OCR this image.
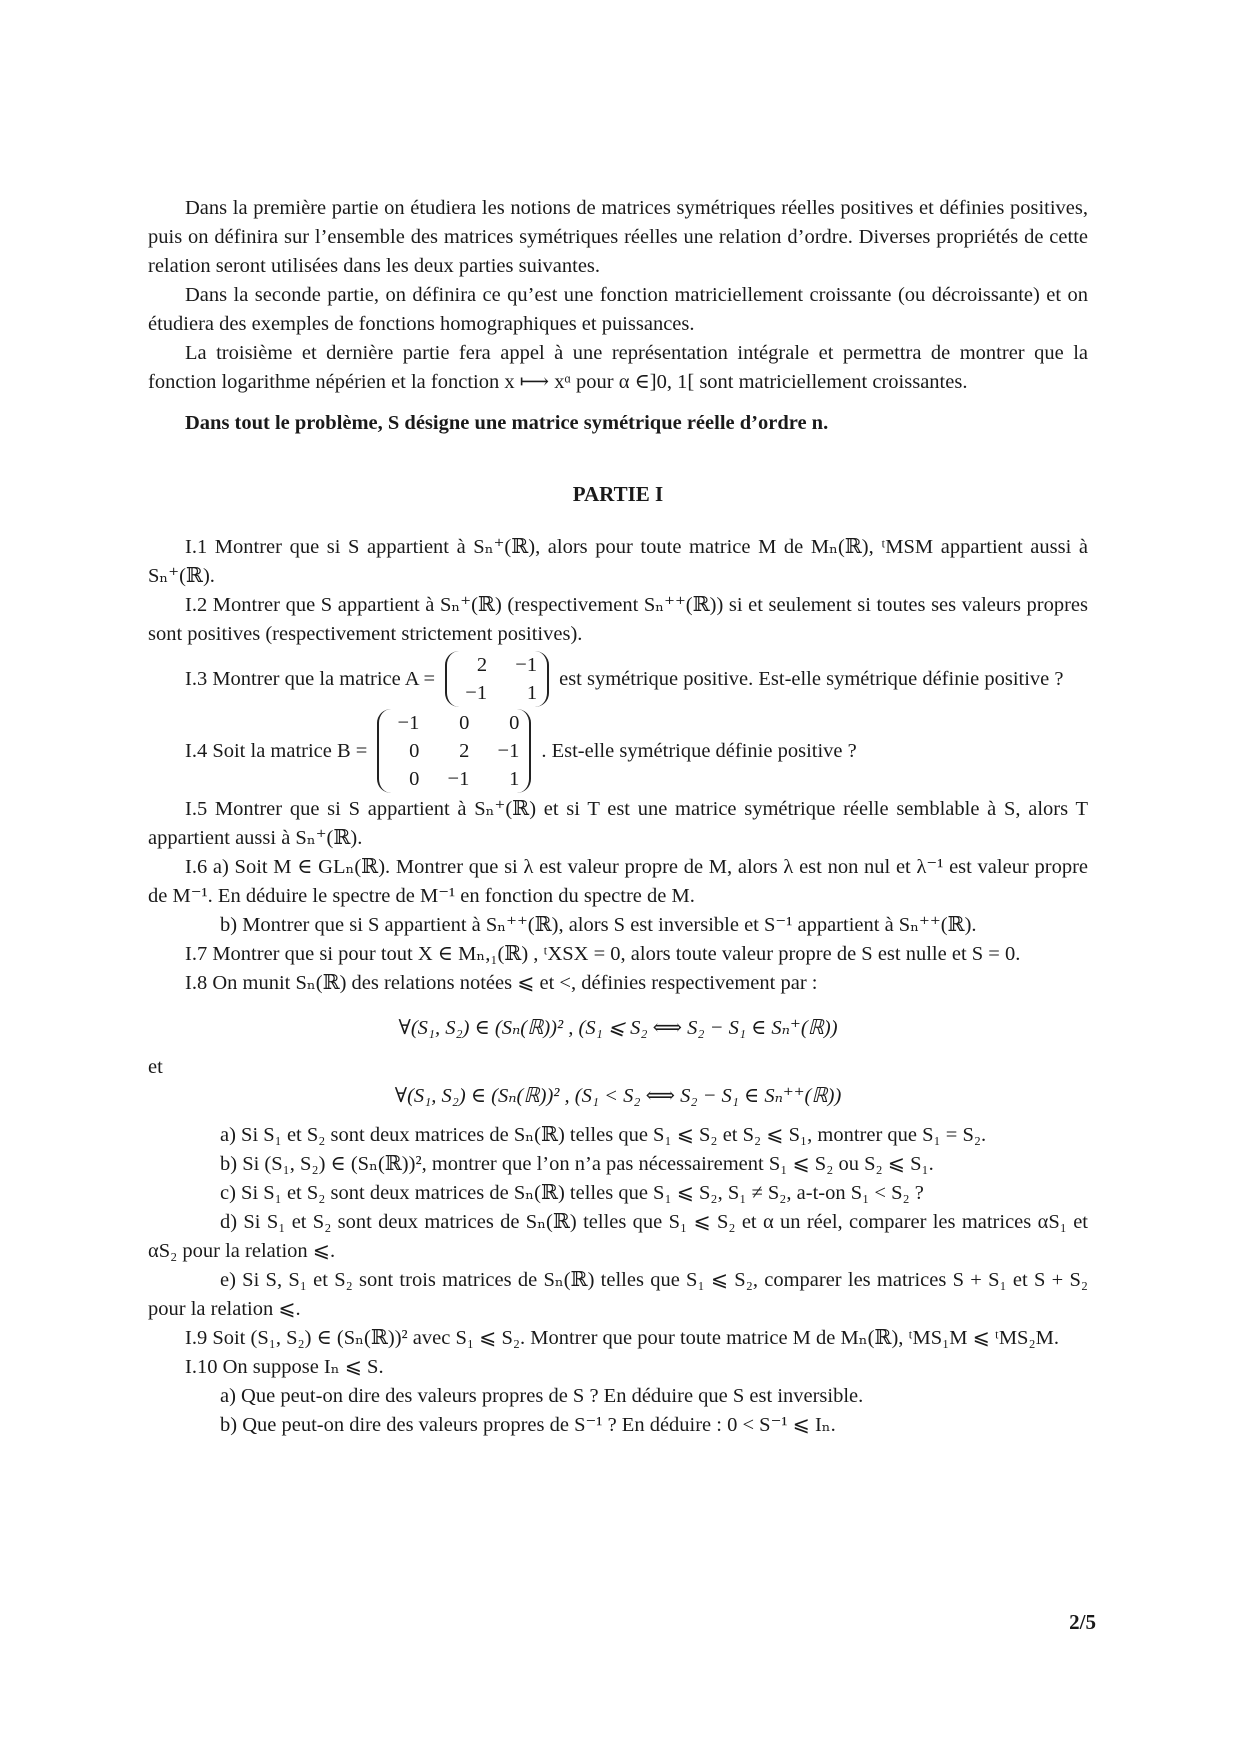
Dans la première partie on étudiera les notions de matrices symétriques réelles positives et définies positives, puis on définira sur l’ensemble des matrices symétriques réelles une relation d’ordre. Diverses propriétés de cette relation seront utilisées dans les deux parties suivantes.

Dans la seconde partie, on définira ce qu’est une fonction matriciellement croissante (ou décroissante) et on étudiera des exemples de fonctions homographiques et puissances.

La troisième et dernière partie fera appel à une représentation intégrale et permettra de montrer que la fonction logarithme népérien et la fonction x ⟼ xᵅ pour α ∈]0, 1[ sont matriciellement croissantes.

Dans tout le problème, S désigne une matrice symétrique réelle d’ordre n.

PARTIE I

I.1 Montrer que si S appartient à Sₙ⁺(ℝ), alors pour toute matrice M de Mₙ(ℝ), ᵗMSM appartient aussi à Sₙ⁺(ℝ).

I.2 Montrer que S appartient à Sₙ⁺(ℝ) (respectivement Sₙ⁺⁺(ℝ)) si et seulement si toutes ses valeurs propres sont positives (respectivement strictement positives).

I.3 Montrer que la matrice A =
2	−1
−1	1
est symétrique positive. Est-elle symétrique définie positive ?
I.4 Soit la matrice B =
−1	0	0
0	2	−1
0	−1	1
. Est-elle symétrique définie positive ?

I.5 Montrer que si S appartient à Sₙ⁺(ℝ) et si T est une matrice symétrique réelle semblable à S, alors T appartient aussi à Sₙ⁺(ℝ).

I.6 a) Soit M ∈ GLₙ(ℝ). Montrer que si λ est valeur propre de M, alors λ est non nul et λ⁻¹ est valeur propre de M⁻¹. En déduire le spectre de M⁻¹ en fonction du spectre de M.

b) Montrer que si S appartient à Sₙ⁺⁺(ℝ), alors S est inversible et S⁻¹ appartient à Sₙ⁺⁺(ℝ).

I.7 Montrer que si pour tout X ∈ Mₙ,₁(ℝ) , ᵗXSX = 0, alors toute valeur propre de S est nulle et S = 0.

I.8 On munit Sₙ(ℝ) des relations notées ⩽ et <, définies respectivement par :

∀(S₁, S₂) ∈ (Sₙ(ℝ))² , (S₁ ⩽ S₂ ⟺ S₂ − S₁ ∈ Sₙ⁺(ℝ))

et

∀(S₁, S₂) ∈ (Sₙ(ℝ))² , (S₁ < S₂ ⟺ S₂ − S₁ ∈ Sₙ⁺⁺(ℝ))

a) Si S₁ et S₂ sont deux matrices de Sₙ(ℝ) telles que S₁ ⩽ S₂ et S₂ ⩽ S₁, montrer que S₁ = S₂.

b) Si (S₁, S₂) ∈ (Sₙ(ℝ))², montrer que l’on n’a pas nécessairement S₁ ⩽ S₂ ou S₂ ⩽ S₁.

c) Si S₁ et S₂ sont deux matrices de Sₙ(ℝ) telles que S₁ ⩽ S₂, S₁ ≠ S₂, a-t-on S₁ < S₂ ?

d) Si S₁ et S₂ sont deux matrices de Sₙ(ℝ) telles que S₁ ⩽ S₂ et α un réel, comparer les matrices αS₁ et αS₂ pour la relation ⩽.

e) Si S, S₁ et S₂ sont trois matrices de Sₙ(ℝ) telles que S₁ ⩽ S₂, comparer les matrices S + S₁ et S + S₂ pour la relation ⩽.

I.9 Soit (S₁, S₂) ∈ (Sₙ(ℝ))² avec S₁ ⩽ S₂. Montrer que pour toute matrice M de Mₙ(ℝ), ᵗMS₁M ⩽ ᵗMS₂M.

I.10 On suppose Iₙ ⩽ S.

a) Que peut-on dire des valeurs propres de S ? En déduire que S est inversible.

b) Que peut-on dire des valeurs propres de S⁻¹ ? En déduire : 0 < S⁻¹ ⩽ Iₙ.

2/5
